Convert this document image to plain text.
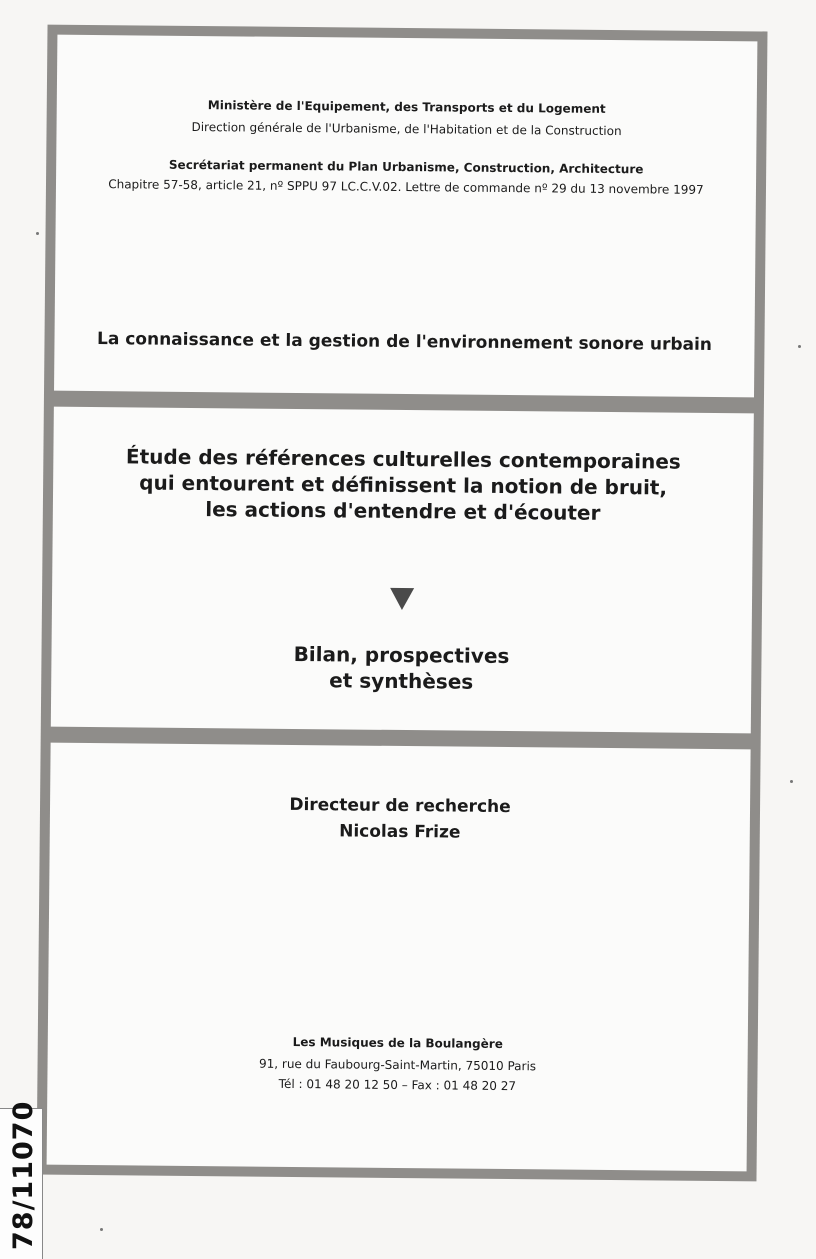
Ministère de l'Equipement, des Transports et du Logement
Direction générale de l'Urbanisme, de l'Habitation et de la Construction
Secrétariat permanent du Plan Urbanisme, Construction, Architecture
Chapitre 57-58, article 21, nº SPPU 97 LC.C.V.02. Lettre de commande nº 29 du 13 novembre 1997
La connaissance et la gestion de l'environnement sonore urbain
Étude des références culturelles contemporaines
qui entourent et définissent la notion de bruit,
les actions d'entendre et d'écouter
Bilan, prospectives
et synthèses
Directeur de recherche
Nicolas Frize
Les Musiques de la Boulangère
91, rue du Faubourg-Saint-Martin, 75010 Paris
Tél : 01 48 20 12 50 – Fax : 01 48 20 27
78/11070
